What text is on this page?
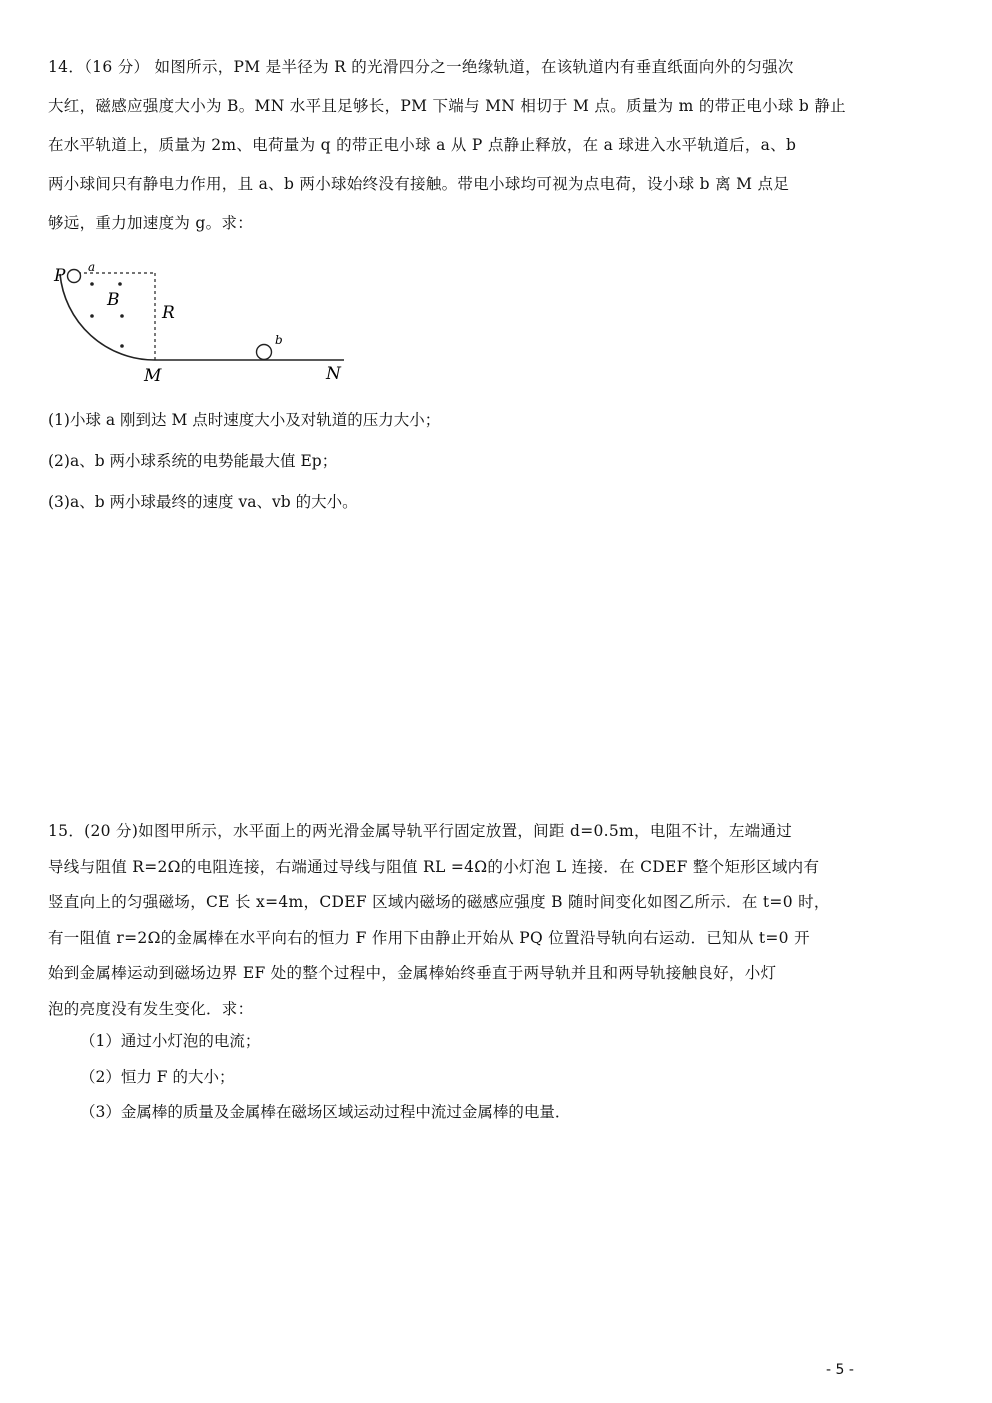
14．（16 分） 如图所示，PM 是半径为 R 的光滑四分之一绝缘轨道，在该轨道内有垂直纸面向外的匀强次
大红，磁感应强度大小为 B。MN 水平且足够长，PM 下端与 MN 相切于 M 点。质量为 m 的带正电小球 b 静止
在水平轨道上，质量为 2m、电荷量为 q 的带正电小球 a 从 P 点静止释放，在 a 球进入水平轨道后，a、b
两小球间只有静电力作用，且 a、b 两小球始终没有接触。带电小球均可视为点电荷，设小球 b 离 M 点足
够远，重力加速度为 g。求：
P a
B
R
b
M	N
(1)小球 a 刚到达 M 点时速度大小及对轨道的压力大小；
(2)a、b 两小球系统的电势能最大值 Ep；
(3)a、b 两小球最终的速度 va、vb 的大小。
15．(20 分)如图甲所示，水平面上的两光滑金属导轨平行固定放置，间距 d=0.5m，电阻不计，左端通过
导线与阻值 R=2Ω的电阻连接，右端通过导线与阻值 RL =4Ω的小灯泡 L 连接．在 CDEF 整个矩形区域内有
竖直向上的匀强磁场，CE 长 x=4m，CDEF 区域内磁场的磁感应强度 B 随时间变化如图乙所示．在 t=0 时，
有一阻值 r=2Ω的金属棒在水平向右的恒力 F 作用下由静止开始从 PQ 位置沿导轨向右运动．已知从 t=0 开
始到金属棒运动到磁场边界 EF 处的整个过程中，金属棒始终垂直于两导轨并且和两导轨接触良好，小灯
泡的亮度没有发生变化．求：
（1）通过小灯泡的电流；
（2）恒力 F 的大小；
（3）金属棒的质量及金属棒在磁场区域运动过程中流过金属棒的电量．
- 5 -
